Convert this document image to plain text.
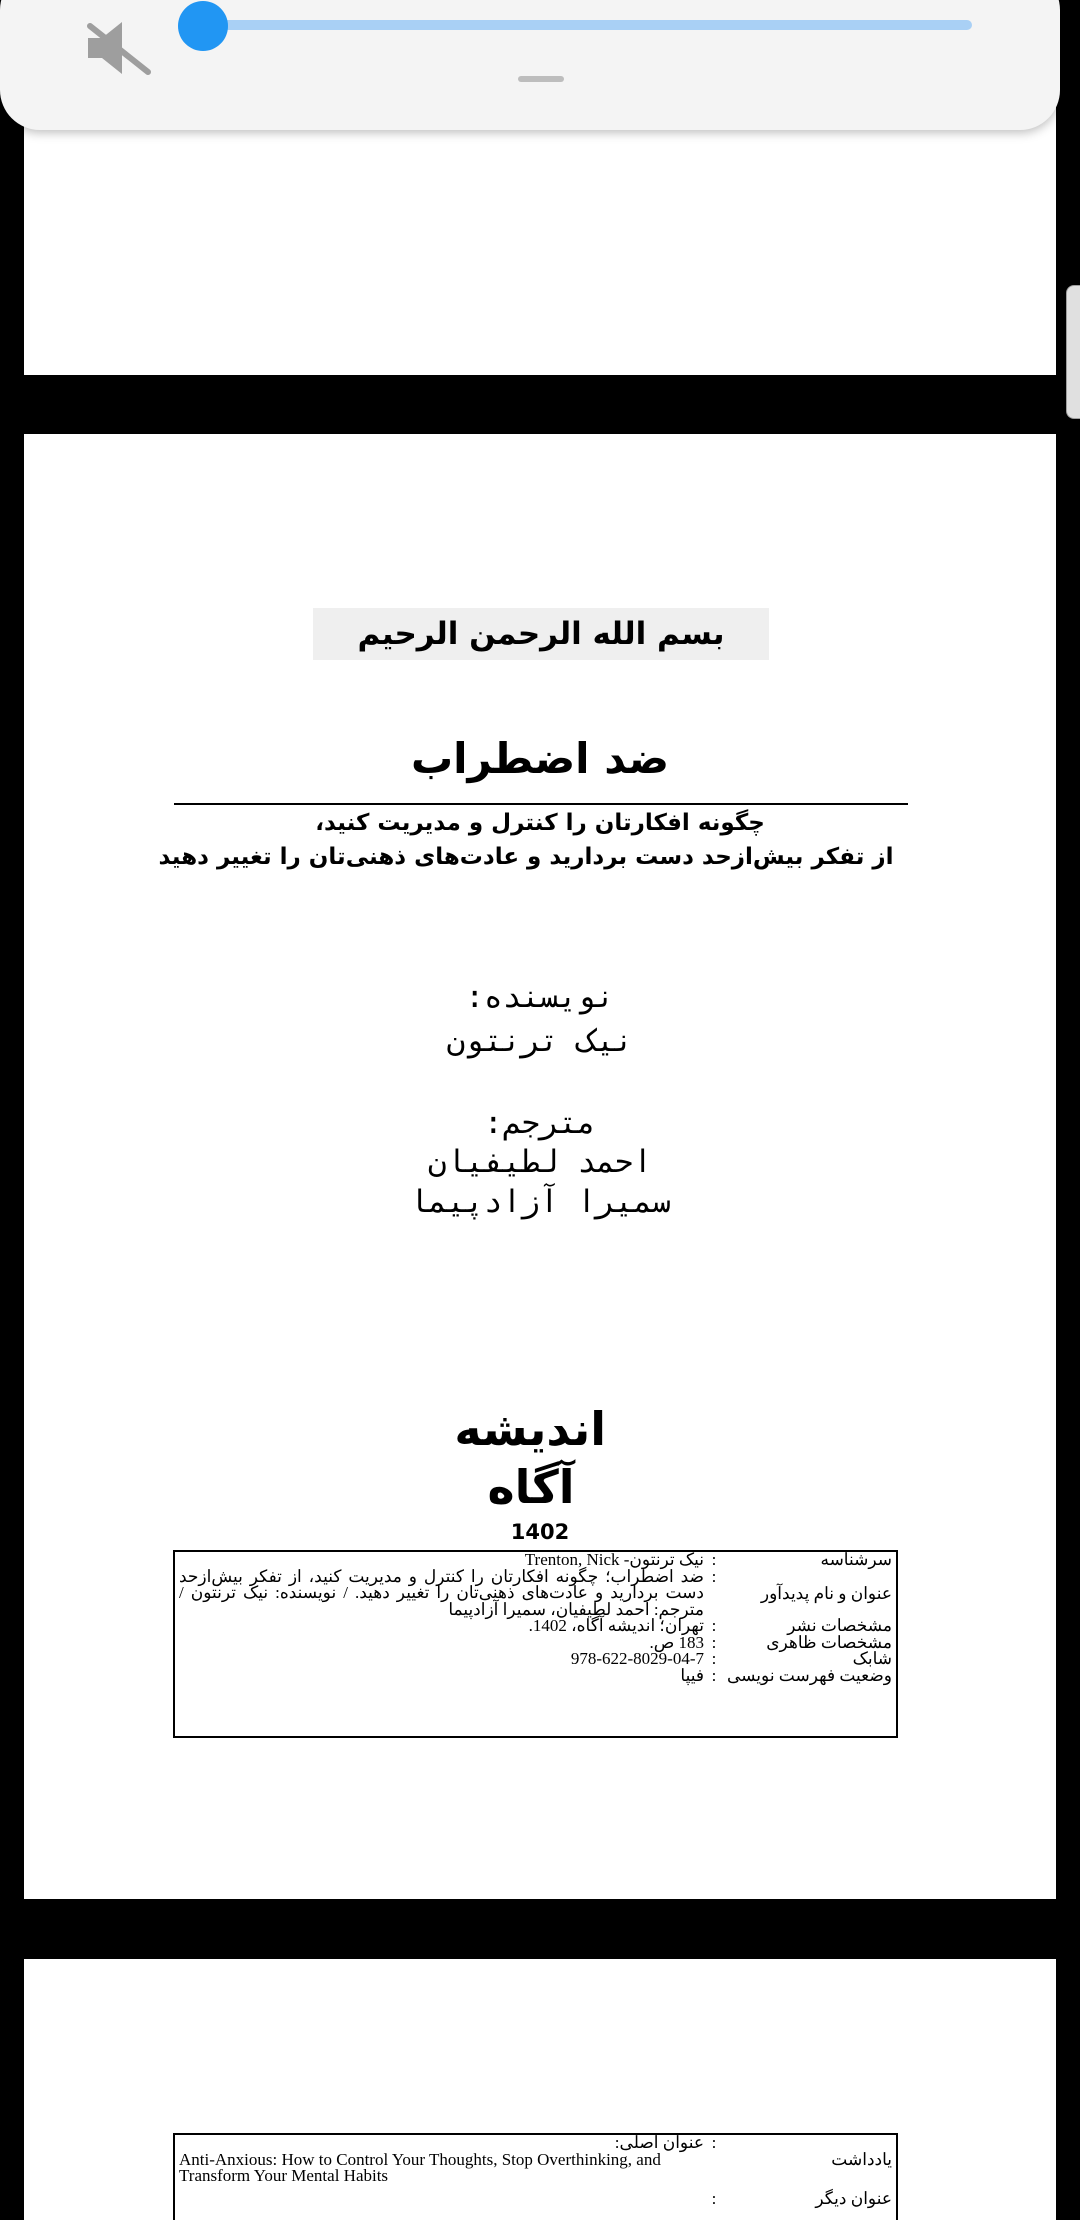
بسم الله الرحمن الرحیم
ضد اضطراب
چگونه افکارتان را کنترل و مدیریت کنید،
از تفکر بیش‌ازحد دست بردارید و عادت‌های ذهنی‌تان را تغییر دهید
نویسنده:
نیک ترنتون
مترجم:
احمد لطیفیان
سمیرا آزادپیما
اندیشه
آگاه
1402
سرشناسه
:
نیک ترنتون- Trenton, Nick
عنوان و نام پدیدآور
:
ضد اضطراب؛ چگونه افکارتان را کنترل و مدیریت کنید، از تفکر بیش‌ازحد دست بردارید و عادت‌های ذهنی‌تان را تغییر دهید. / نویسنده: نیک ترنتون / مترجم: احمد لطیفیان، سمیرا آزادپیما
مشخصات نشر
:
تهران؛ اندیشه آگاه، 1402.
مشخصات ظاهری
:
183 ص.
شابک
:
978-622-8029-04-7
وضعیت فهرست نویسی
:
فیپا
یادداشت
:
عنوان اصلی:
Anti-Anxious: How to Control Your Thoughts, Stop Overthinking, and Transform Your Mental Habits
عنوان دیگر
:
